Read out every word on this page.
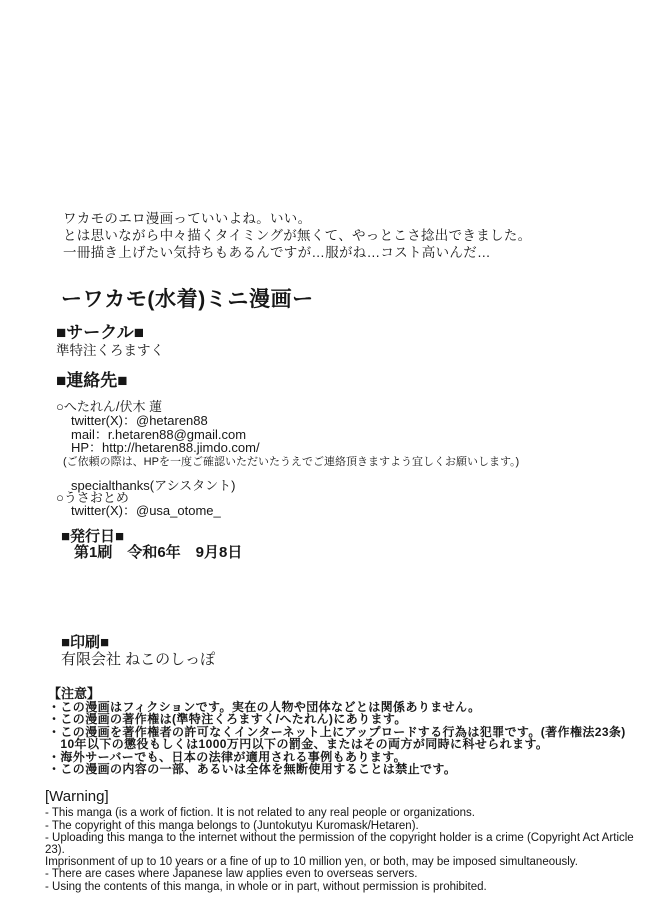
ワカモのエロ漫画っていいよね。いい。
とは思いながら中々描くタイミングが無くて、やっとこさ捻出できました。
一冊描き上げたい気持ちもあるんですが…服がね…コスト高いんだ…
ーワカモ(水着)ミニ漫画ー
■サークル■
準特注くろますく
■連絡先■
○へたれん/伏木 蓮
twitter(X)：@hetaren88
mail：r.hetaren88@gmail.com
HP：http://hetaren88.jimdo.com/
(ご依頼の際は、HPを一度ご確認いただいたうえでご連絡頂きますよう宜しくお願いします。)
specialthanks(アシスタント)
○うさおとめ
twitter(X)：@usa_otome_
■発行日■
第1刷　令和6年　9月8日
■印刷■
有限会社 ねこのしっぽ
【注意】
・この漫画はフィクションです。実在の人物や団体などとは関係ありません。
・この漫画の著作権は(準特注くろますく/へたれん)にあります。
・この漫画を著作権者の許可なくインターネット上にアップロードする行為は犯罪です。(著作権法23条)
　10年以下の懲役もしくは1000万円以下の罰金、またはその両方が同時に科せられます。
・海外サーバーでも、日本の法律が適用される事例もあります。
・この漫画の内容の一部、あるいは全体を無断使用することは禁止です。
[Warning]
- This manga (is a work of fiction. It is not related to any real people or organizations.
- The copyright of this manga belongs to (Juntokutyu Kuromask/Hetaren).
- Uploading this manga to the internet without the permission of the copyright holder is a crime (Copyright Act Article 23).
Imprisonment of up to 10 years or a fine of up to 10 million yen, or both, may be imposed simultaneously.
- There are cases where Japanese law applies even to overseas servers.
- Using the contents of this manga, in whole or in part, without permission is prohibited.
